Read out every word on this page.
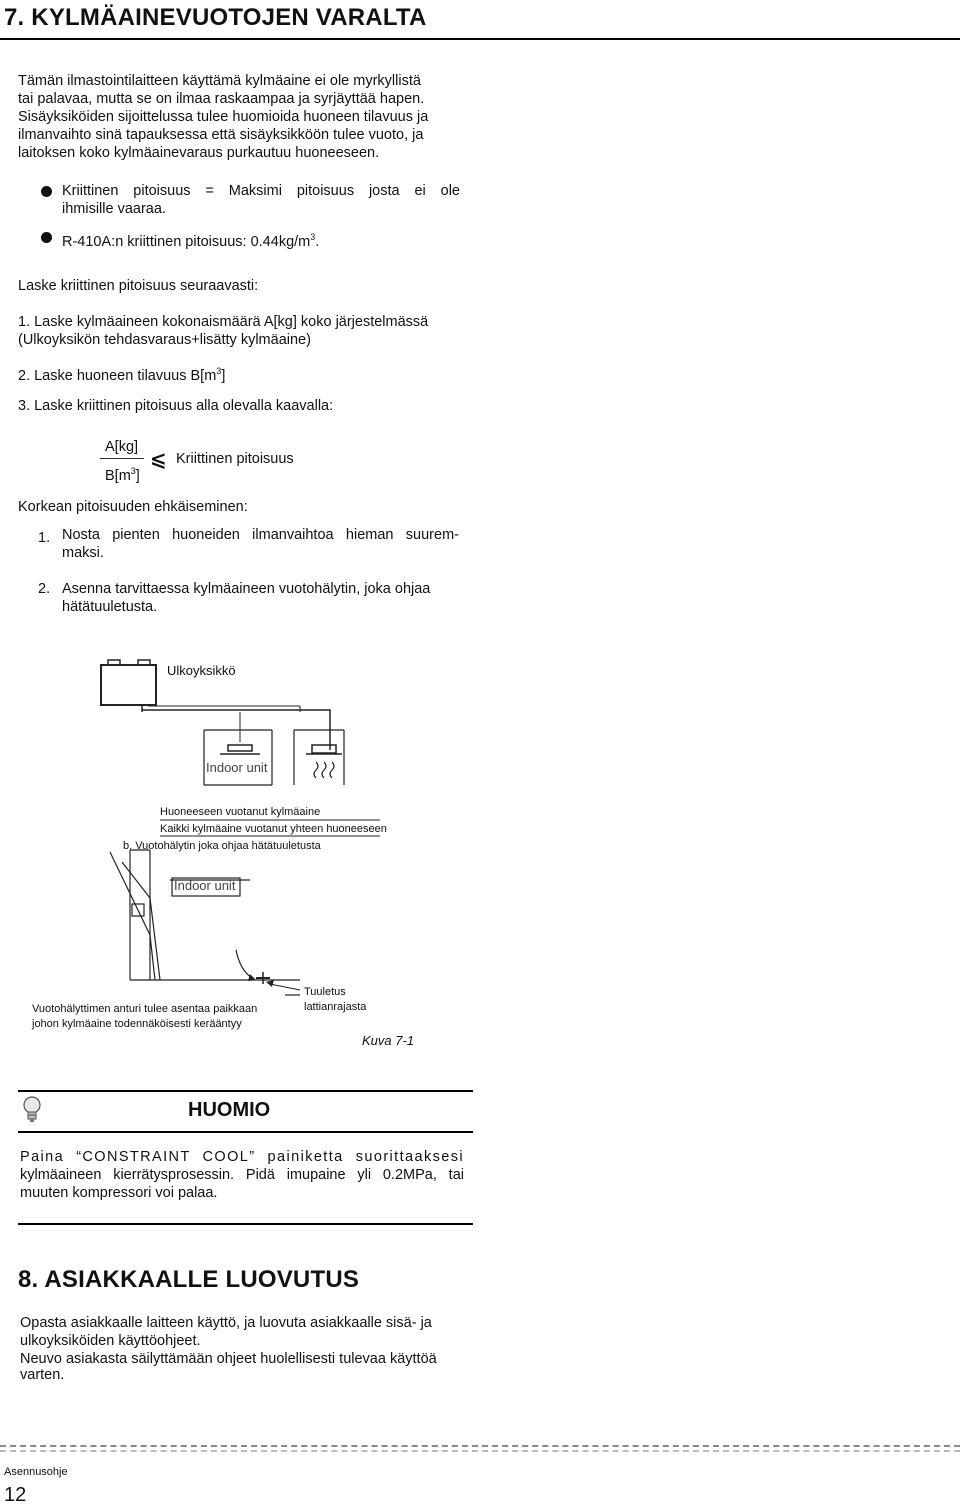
7. KYLMÄAINEVUOTOJEN VARALTA
Tämän ilmastointilaitteen käyttämä kylmäaine ei ole myrkyllistä
tai palavaa, mutta se on ilmaa raskaampaa ja syrjäyttää hapen.
Sisäyksiköiden sijoittelussa tulee huomioida huoneen tilavuus ja
ilmanvaihto sinä tapauksessa että sisäyksikköön tulee vuoto, ja
laitoksen koko kylmäainevaraus purkautuu huoneeseen.
Kriittinen pitoisuus = Maksimi pitoisuus josta ei ole
ihmisille vaaraa.
R-410A:n kriittinen pitoisuus: $0.44kg/m^3$.
Laske kriittinen pitoisuus seuraavasti:
1. Laske kylmäaineen kokonaismäärä A[kg] koko järjestelmässä
(Ulkoyksikön tehdasvaraus+lisätty kylmäaine)
2. Laske huoneen tilavuus $B[m^3]$
3. Laske kriittinen pitoisuus alla olevalla kaavalla:
A[kg]
$B[m^3]$
⩽ Kriittinen pitoisuus
Korkean pitoisuuden ehkäiseminen:
1. Nosta pienten huoneiden ilmanvaihtoa hieman suurem-
maksi.
2. Asenna tarvittaessa kylmäaineen vuotohälytin, joka ohjaa
hätätuuletusta.
Ulkoyksikkö
Indoor unit
Huoneeseen vuotanut kylmäaine
Kaikki kylmäaine vuotanut yhteen huoneeseen
b. Vuotohälytin joka ohjaa hätätuuletusta
Indoor unit
Vuotohälyttimen anturi tulee asentaa paikkaan
johon kylmäaine todennäköisesti kerääntyy
Tuuletus
lattianrajasta
Kuva 7-1
HUOMIO
Paina “CONSTRAINT COOL” painiketta suorittaaksesi
kylmäaineen kierrätysprosessin. Pidä imupaine yli 0.2MPa, tai
muuten kompressori voi palaa.
8. ASIAKKAALLE LUOVUTUS
Opasta asiakkaalle laitteen käyttö, ja luovuta asiakkaalle sisä- ja
ulkoyksiköiden käyttöohjeet.
Neuvo asiakasta säilyttämään ohjeet huolellisesti tulevaa käyttöä
varten.
Asennusohje
12
